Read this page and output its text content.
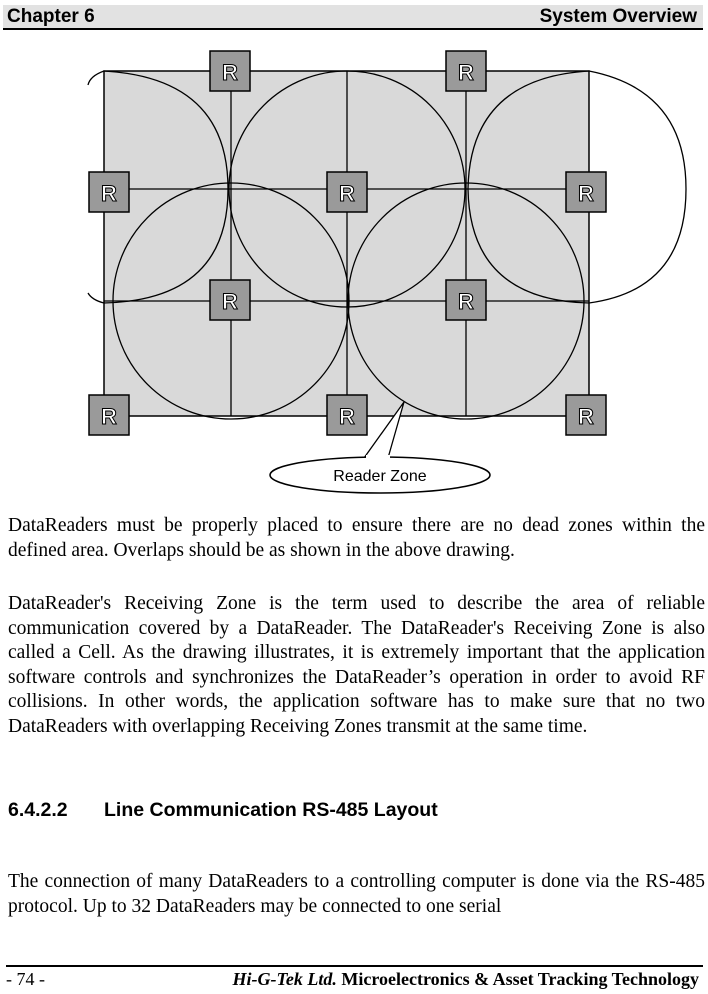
Chapter 6	System Overview
Reader Zone
R	R
R	R	R
R	R
R	R	R

DataReaders must be properly placed to ensure there are no dead zones within the defined area. Overlaps should be as shown in the above drawing.

DataReader's Receiving Zone is the term used to describe the area of reliable communication covered by a DataReader. The DataReader's Receiving Zone is also called a Cell. As the drawing illustrates, it is extremely important that the application software controls and synchronizes the DataReader’s operation in order to avoid RF collisions. In other words, the application software has to make sure that no two DataReaders with overlapping Receiving Zones transmit at the same time.

6.4.2.2 Line Communication RS-485 Layout

The connection of many DataReaders to a controlling computer is done via the RS-485 protocol. Up to 32 DataReaders may be connected to one serial

- 74 -	Hi-G-Tek Ltd. Microelectronics & Asset Tracking Technology
